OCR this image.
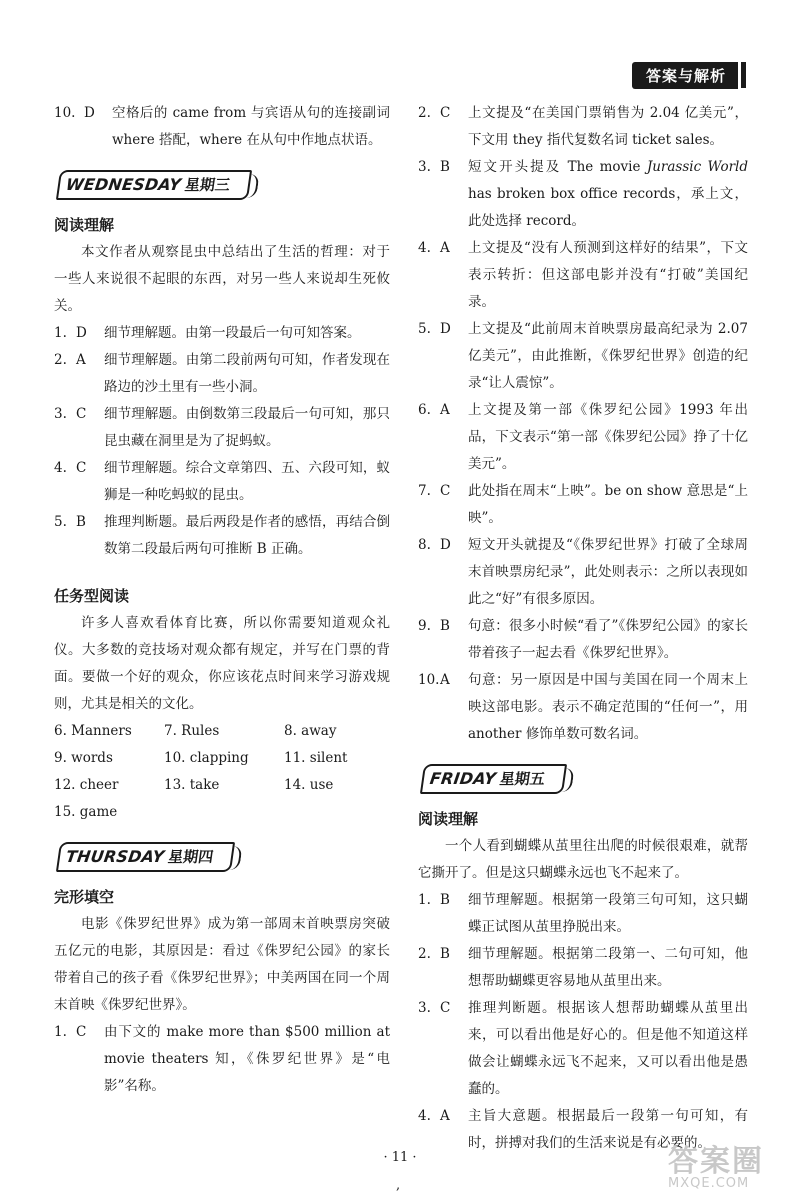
答案与解析
10. D	空格后的 came from 与宾语从句的连接副词 where 搭配，where 在从句中作地点状语。
WEDNESDAY星期三
阅读理解
本文作者从观察昆虫中总结出了生活的哲理：对于一些人来说很不起眼的东西，对另一些人来说却生死攸关。
1. D	细节理解题。由第一段最后一句可知答案。
2. A	细节理解题。由第二段前两句可知，作者发现在路边的沙土里有一些小洞。
3. C	细节理解题。由倒数第三段最后一句可知，那只昆虫藏在洞里是为了捉蚂蚁。
4. C	细节理解题。综合文章第四、五、六段可知，蚁狮是一种吃蚂蚁的昆虫。
5. B	推理判断题。最后两段是作者的感悟，再结合倒数第二段最后两句可推断 B 正确。
任务型阅读
许多人喜欢看体育比赛，所以你需要知道观众礼仪。大多数的竞技场对观众都有规定，并写在门票的背面。要做一个好的观众，你应该花点时间来学习游戏规则，尤其是相关的文化。
6. Manners	7. Rules	8. away
9. words	10. clapping	11. silent
12. cheer	13. take	14. use
15. game
THURSDAY星期四
完形填空
电影《侏罗纪世界》成为第一部周末首映票房突破五亿元的电影，其原因是：看过《侏罗纪公园》的家长带着自己的孩子看《侏罗纪世界》；中美两国在同一个周末首映《侏罗纪世界》。
1. C	由下文的 make more than $500 million at movie theaters 知，《侏罗纪世界》是“电影”名称。
2. C	上文提及“在美国门票销售为 2.04 亿美元”，下文用 they 指代复数名词 ticket sales。
3. B	短文开头提及 The movie Jurassic World has broken box office records，承上文，此处选择 record。
4. A	上文提及“没有人预测到这样好的结果”，下文表示转折：但这部电影并没有“打破”美国纪录。
5. D	上文提及“此前周末首映票房最高纪录为 2.07 亿美元”，由此推断，《侏罗纪世界》创造的纪录“让人震惊”。
6. A	上文提及第一部《侏罗纪公园》1993 年出品，下文表示“第一部《侏罗纪公园》挣了十亿美元”。
7. C	此处指在周末“上映”。be on show 意思是“上映”。
8. D	短文开头就提及“《侏罗纪世界》打破了全球周末首映票房纪录”，此处则表示：之所以表现如此之“好”有很多原因。
9. B	句意：很多小时候“看了”《侏罗纪公园》的家长带着孩子一起去看《侏罗纪世界》。
10. A	句意：另一原因是中国与美国在同一个周末上映这部电影。表示不确定范围的“任何一”，用 another 修饰单数可数名词。
FRIDAY星期五
阅读理解
一个人看到蝴蝶从茧里往出爬的时候很艰难，就帮它撕开了。但是这只蝴蝶永远也飞不起来了。
1. B	细节理解题。根据第一段第三句可知，这只蝴蝶正试图从茧里挣脱出来。
2. B	细节理解题。根据第二段第一、二句可知，他想帮助蝴蝶更容易地从茧里出来。
3. C	推理判断题。根据该人想帮助蝴蝶从茧里出来，可以看出他是好心的。但是他不知道这样做会让蝴蝶永远飞不起来，又可以看出他是愚蠢的。
4. A	主旨大意题。根据最后一段第一句可知，有时，拼搏对我们的生活来说是有必要的。
· 11 ·
,
答案圈
MXQE.COM
